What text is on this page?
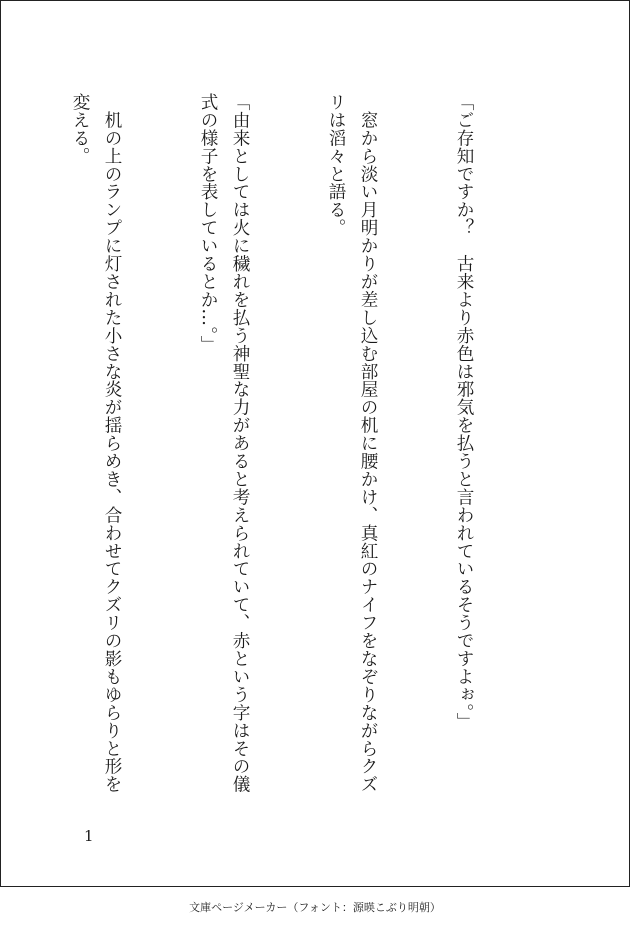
「ご存知ですか？　古来より赤色は邪気を払うと言われているそうですよぉ。」

　窓から淡い月明かりが差し込む部屋の机に腰かけ、真紅のナイフをなぞりながらクズリは滔々と語る。

「由来としては火に穢れを払う神聖な力があると考えられていて、赤という字はその儀式の様子を表しているとか…。」

　机の上のランプに灯された小さな炎が揺らめき、合わせてクズリの影もゆらりと形を変える。

1
文庫ページメーカー（フォント：源暎こぶり明朝）
